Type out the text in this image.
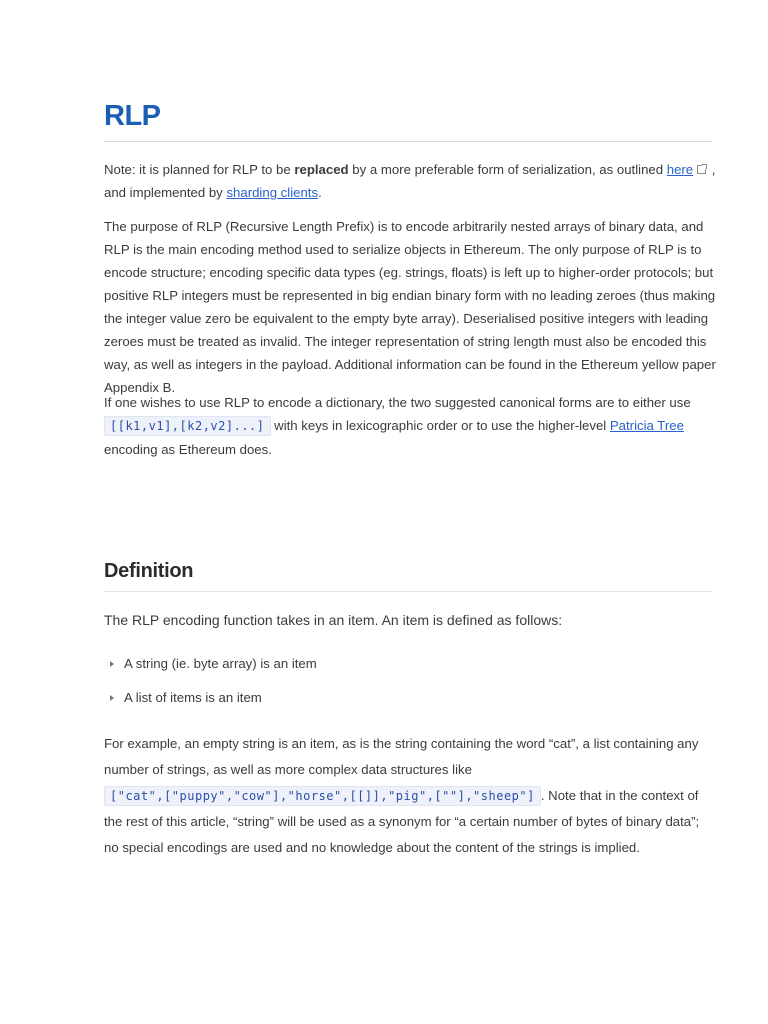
RLP

Note: it is planned for RLP to be replaced by a more preferable form of serialization, as outlined here , and implemented by sharding clients.

The purpose of RLP (Recursive Length Prefix) is to encode arbitrarily nested arrays of binary data, and RLP is the main encoding method used to serialize objects in Ethereum. The only purpose of RLP is to encode structure; encoding specific data types (eg. strings, floats) is left up to higher-order protocols; but positive RLP integers must be represented in big endian binary form with no leading zeroes (thus making the integer value zero be equivalent to the empty byte array). Deserialised positive integers with leading zeroes must be treated as invalid. The integer representation of string length must also be encoded this way, as well as integers in the payload. Additional information can be found in the Ethereum yellow paper Appendix B.

If one wishes to use RLP to encode a dictionary, the two suggested canonical forms are to either use
[[k1,v1],[k2,v2]...] with keys in lexicographic order or to use the higher-level Patricia Tree encoding as Ethereum does.

Definition

The RLP encoding function takes in an item. An item is defined as follows:

A string (ie. byte array) is an item
A list of items is an item

For example, an empty string is an item, as is the string containing the word “cat”, a list containing any number of strings, as well as more complex data structures like
["cat",["puppy","cow"],"horse",[[]],"pig",[""],"sheep"] . Note that in the context of the rest of this article, “string” will be used as a synonym for “a certain number of bytes of binary data”; no special encodings are used and no knowledge about the content of the strings is implied.
